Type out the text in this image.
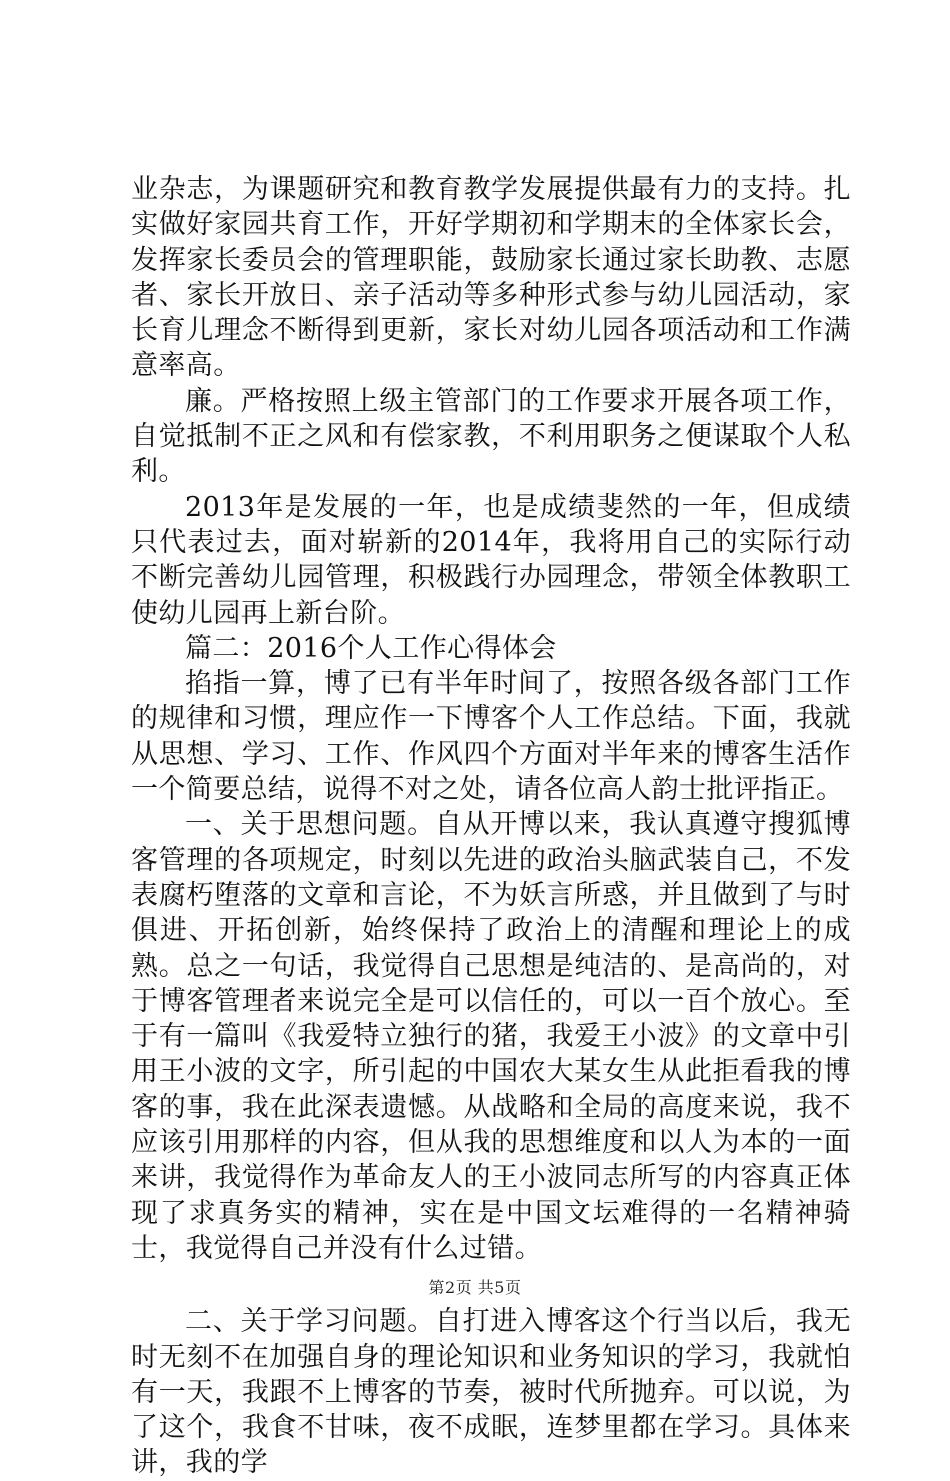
业杂志，为课题研究和教育教学发展提供最有力的支持。扎实做好家园共育工作，开好学期初和学期末的全体家长会，发挥家长委员会的管理职能，鼓励家长通过家长助教、志愿者、家长开放日、亲子活动等多种形式参与幼儿园活动，家长育儿理念不断得到更新，家长对幼儿园各项活动和工作满意率高。

廉。严格按照上级主管部门的工作要求开展各项工作，自觉抵制不正之风和有偿家教，不利用职务之便谋取个人私利。

2013年是发展的一年，也是成绩斐然的一年，但成绩只代表过去，面对崭新的2014年，我将用自己的实际行动不断完善幼儿园管理，积极践行办园理念，带领全体教职工使幼儿园再上新台阶。

篇二：2016个人工作心得体会

掐指一算，博了已有半年时间了，按照各级各部门工作的规律和习惯，理应作一下博客个人工作总结。下面，我就从思想、学习、工作、作风四个方面对半年来的博客生活作一个简要总结，说得不对之处，请各位高人韵士批评指正。

一、关于思想问题。自从开博以来，我认真遵守搜狐博客管理的各项规定，时刻以先进的政治头脑武装自己，不发表腐朽堕落的文章和言论，不为妖言所惑，并且做到了与时俱进、开拓创新，始终保持了政治上的清醒和理论上的成熟。总之一句话，我觉得自己思想是纯洁的、是高尚的，对于博客管理者来说完全是可以信任的，可以一百个放心。至于有一篇叫《我爱特立独行的猪，我爱王小波》的文章中引用王小波的文字，所引起的中国农大某女生从此拒看我的博客的事，我在此深表遗憾。从战略和全局的高度来说，我不应该引用那样的内容，但从我的思想维度和以人为本的一面来讲，我觉得作为革命友人的王小波同志所写的内容真正体现了求真务实的精神，实在是中国文坛难得的一名精神骑士，我觉得自己并没有什么过错。

二、关于学习问题。自打进入博客这个行当以后，我无时无刻不在加强自身的理论知识和业务知识的学习，我就怕有一天，我跟不上博客的节奏，被时代所抛弃。可以说，为了这个，我食不甘味，夜不成眠，连梦里都在学习。具体来讲，我的学

第2页 共5页
